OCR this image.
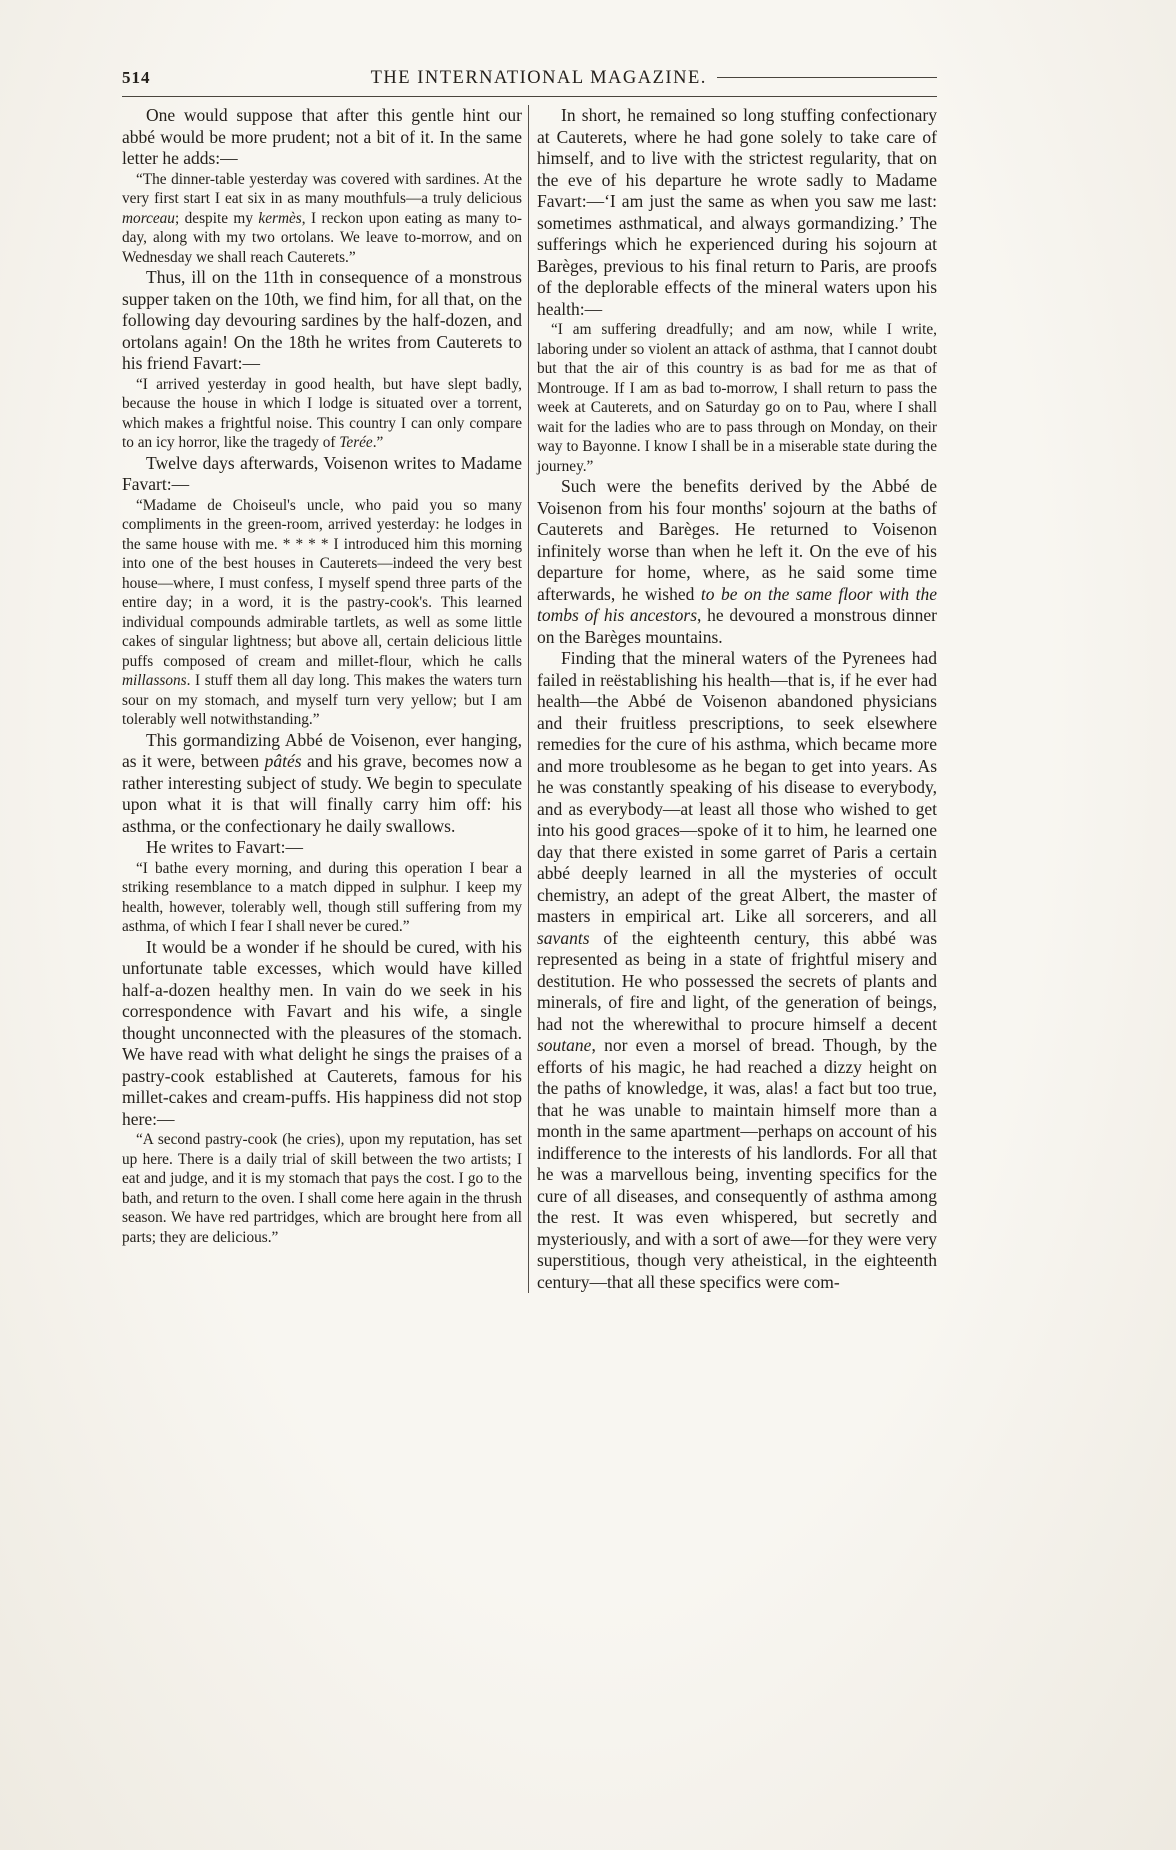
514	THE INTERNATIONAL MAGAZINE.

One would suppose that after this gentle hint our abbé would be more prudent; not a bit of it. In the same letter he adds:—

“The dinner-table yesterday was covered with sardines. At the very first start I eat six in as many mouthfuls—a truly delicious morceau; despite my kermès, I reckon upon eating as many to-day, along with my two ortolans. We leave to-morrow, and on Wednesday we shall reach Cauterets.”

Thus, ill on the 11th in consequence of a monstrous supper taken on the 10th, we find him, for all that, on the following day devouring sardines by the half-dozen, and ortolans again! On the 18th he writes from Cauterets to his friend Favart:—

“I arrived yesterday in good health, but have slept badly, because the house in which I lodge is situated over a torrent, which makes a frightful noise. This country I can only compare to an icy horror, like the tragedy of Terée.”

Twelve days afterwards, Voisenon writes to Madame Favart:—

“Madame de Choiseul's uncle, who paid you so many compliments in the green-room, arrived yesterday: he lodges in the same house with me. * * * * I introduced him this morning into one of the best houses in Cauterets—indeed the very best house—where, I must confess, I myself spend three parts of the entire day; in a word, it is the pastry-cook's. This learned individual compounds admirable tartlets, as well as some little cakes of singular lightness; but above all, certain delicious little puffs composed of cream and millet-flour, which he calls millassons. I stuff them all day long. This makes the waters turn sour on my stomach, and myself turn very yellow; but I am tolerably well notwithstanding.”

This gormandizing Abbé de Voisenon, ever hanging, as it were, between pâtés and his grave, becomes now a rather interesting subject of study. We begin to speculate upon what it is that will finally carry him off: his asthma, or the confectionary he daily swallows.

He writes to Favart:—

“I bathe every morning, and during this operation I bear a striking resemblance to a match dipped in sulphur. I keep my health, however, tolerably well, though still suffering from my asthma, of which I fear I shall never be cured.”

It would be a wonder if he should be cured, with his unfortunate table excesses, which would have killed half-a-dozen healthy men. In vain do we seek in his correspondence with Favart and his wife, a single thought unconnected with the pleasures of the stomach. We have read with what delight he sings the praises of a pastry-cook established at Cauterets, famous for his millet-cakes and cream-puffs. His happiness did not stop here:—

“A second pastry-cook (he cries), upon my reputation, has set up here. There is a daily trial of skill between the two artists; I eat and judge, and it is my stomach that pays the cost. I go to the bath, and return to the oven. I shall come here again in the thrush season. We have red partridges, which are brought here from all parts; they are delicious.”

In short, he remained so long stuffing confectionary at Cauterets, where he had gone solely to take care of himself, and to live with the strictest regularity, that on the eve of his departure he wrote sadly to Madame Favart:—‘I am just the same as when you saw me last: sometimes asthmatical, and always gormandizing.’ The sufferings which he experienced during his sojourn at Barèges, previous to his final return to Paris, are proofs of the deplorable effects of the mineral waters upon his health:—

“I am suffering dreadfully; and am now, while I write, laboring under so violent an attack of asthma, that I cannot doubt but that the air of this country is as bad for me as that of Montrouge. If I am as bad to-morrow, I shall return to pass the week at Cauterets, and on Saturday go on to Pau, where I shall wait for the ladies who are to pass through on Monday, on their way to Bayonne. I know I shall be in a miserable state during the journey.”

Such were the benefits derived by the Abbé de Voisenon from his four months' sojourn at the baths of Cauterets and Barèges. He returned to Voisenon infinitely worse than when he left it. On the eve of his departure for home, where, as he said some time afterwards, he wished to be on the same floor with the tombs of his ancestors, he devoured a monstrous dinner on the Barèges mountains.

Finding that the mineral waters of the Pyrenees had failed in reëstablishing his health—that is, if he ever had health—the Abbé de Voisenon abandoned physicians and their fruitless prescriptions, to seek elsewhere remedies for the cure of his asthma, which became more and more troublesome as he began to get into years. As he was constantly speaking of his disease to everybody, and as everybody—at least all those who wished to get into his good graces—spoke of it to him, he learned one day that there existed in some garret of Paris a certain abbé deeply learned in all the mysteries of occult chemistry, an adept of the great Albert, the master of masters in empirical art. Like all sorcerers, and all savants of the eighteenth century, this abbé was represented as being in a state of frightful misery and destitution. He who possessed the secrets of plants and minerals, of fire and light, of the generation of beings, had not the wherewithal to procure himself a decent soutane, nor even a morsel of bread. Though, by the efforts of his magic, he had reached a dizzy height on the paths of knowledge, it was, alas! a fact but too true, that he was unable to maintain himself more than a month in the same apartment—perhaps on account of his indifference to the interests of his landlords. For all that he was a marvellous being, inventing specifics for the cure of all diseases, and consequently of asthma among the rest. It was even whispered, but secretly and mysteriously, and with a sort of awe—for they were very superstitious, though very atheistical, in the eighteenth century—that all these specifics were com-
